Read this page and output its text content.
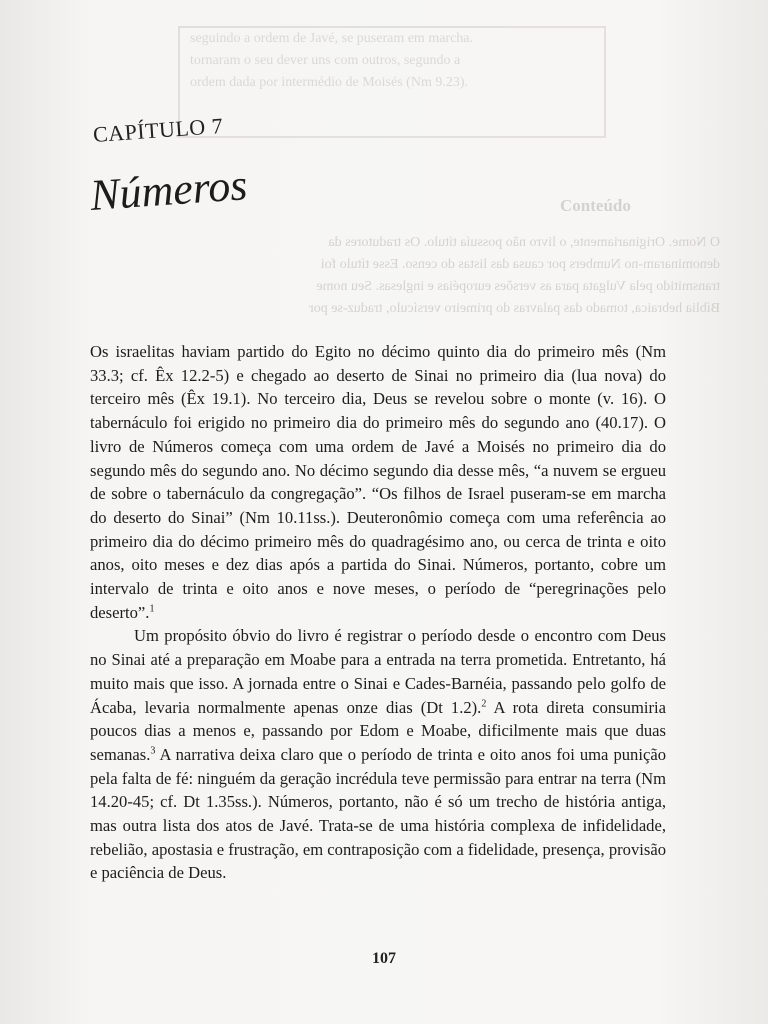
seguindo a ordem de Javé, se puseram em marcha.
tornaram o seu dever uns com outros, segundo a
ordem dada por intermédio de Moisés (Nm 9.23).
Conteúdo
O Nome. Originariamente, o livro não possuía título. Os tradutores da
denominaram-no Numbers por causa das listas do censo. Esse título foi
transmitido pela Vulgata para as versões européias e inglesas. Seu nome
Bíblia hebraica, tomado das palavras do primeiro versículo, traduz-se por
CAPÍTULO 7
Números

Os israelitas haviam partido do Egito no décimo quinto dia do primeiro mês (Nm 33.3; cf. Êx 12.2-5) e chegado ao deserto de Sinai no primeiro dia (lua nova) do terceiro mês (Êx 19.1). No terceiro dia, Deus se revelou sobre o monte (v. 16). O tabernáculo foi erigido no primeiro dia do primeiro mês do segundo ano (40.17). O livro de Números começa com uma ordem de Javé a Moisés no primeiro dia do segundo mês do segundo ano. No décimo segundo dia desse mês, “a nuvem se ergueu de sobre o tabernáculo da congregação”. “Os filhos de Israel puseram-se em marcha do deserto do Sinai” (Nm 10.11ss.). Deuteronômio começa com uma referência ao primeiro dia do décimo primeiro mês do quadragésimo ano, ou cerca de trinta e oito anos, oito meses e dez dias após a partida do Sinai. Números, portanto, cobre um intervalo de trinta e oito anos e nove meses, o período de “peregrinações pelo deserto”.$^1$

Um propósito óbvio do livro é registrar o período desde o encontro com Deus no Sinai até a preparação em Moabe para a entrada na terra prometida. Entretanto, há muito mais que isso. A jornada entre o Sinai e Cades-Barnéia, passando pelo golfo de Ácaba, levaria normalmente apenas onze dias (Dt 1.2).$^2$ A rota direta consumiria poucos dias a menos e, passando por Edom e Moabe, dificilmente mais que duas semanas.$^3$ A narrativa deixa claro que o período de trinta e oito anos foi uma punição pela falta de fé: ninguém da geração incrédula teve permissão para entrar na terra (Nm 14.20-45; cf. Dt 1.35ss.). Números, portanto, não é só um trecho de história antiga, mas outra lista dos atos de Javé. Trata-se de uma história complexa de infidelidade, rebelião, apostasia e frustração, em contraposição com a fidelidade, presença, provisão e paciência de Deus.

107
